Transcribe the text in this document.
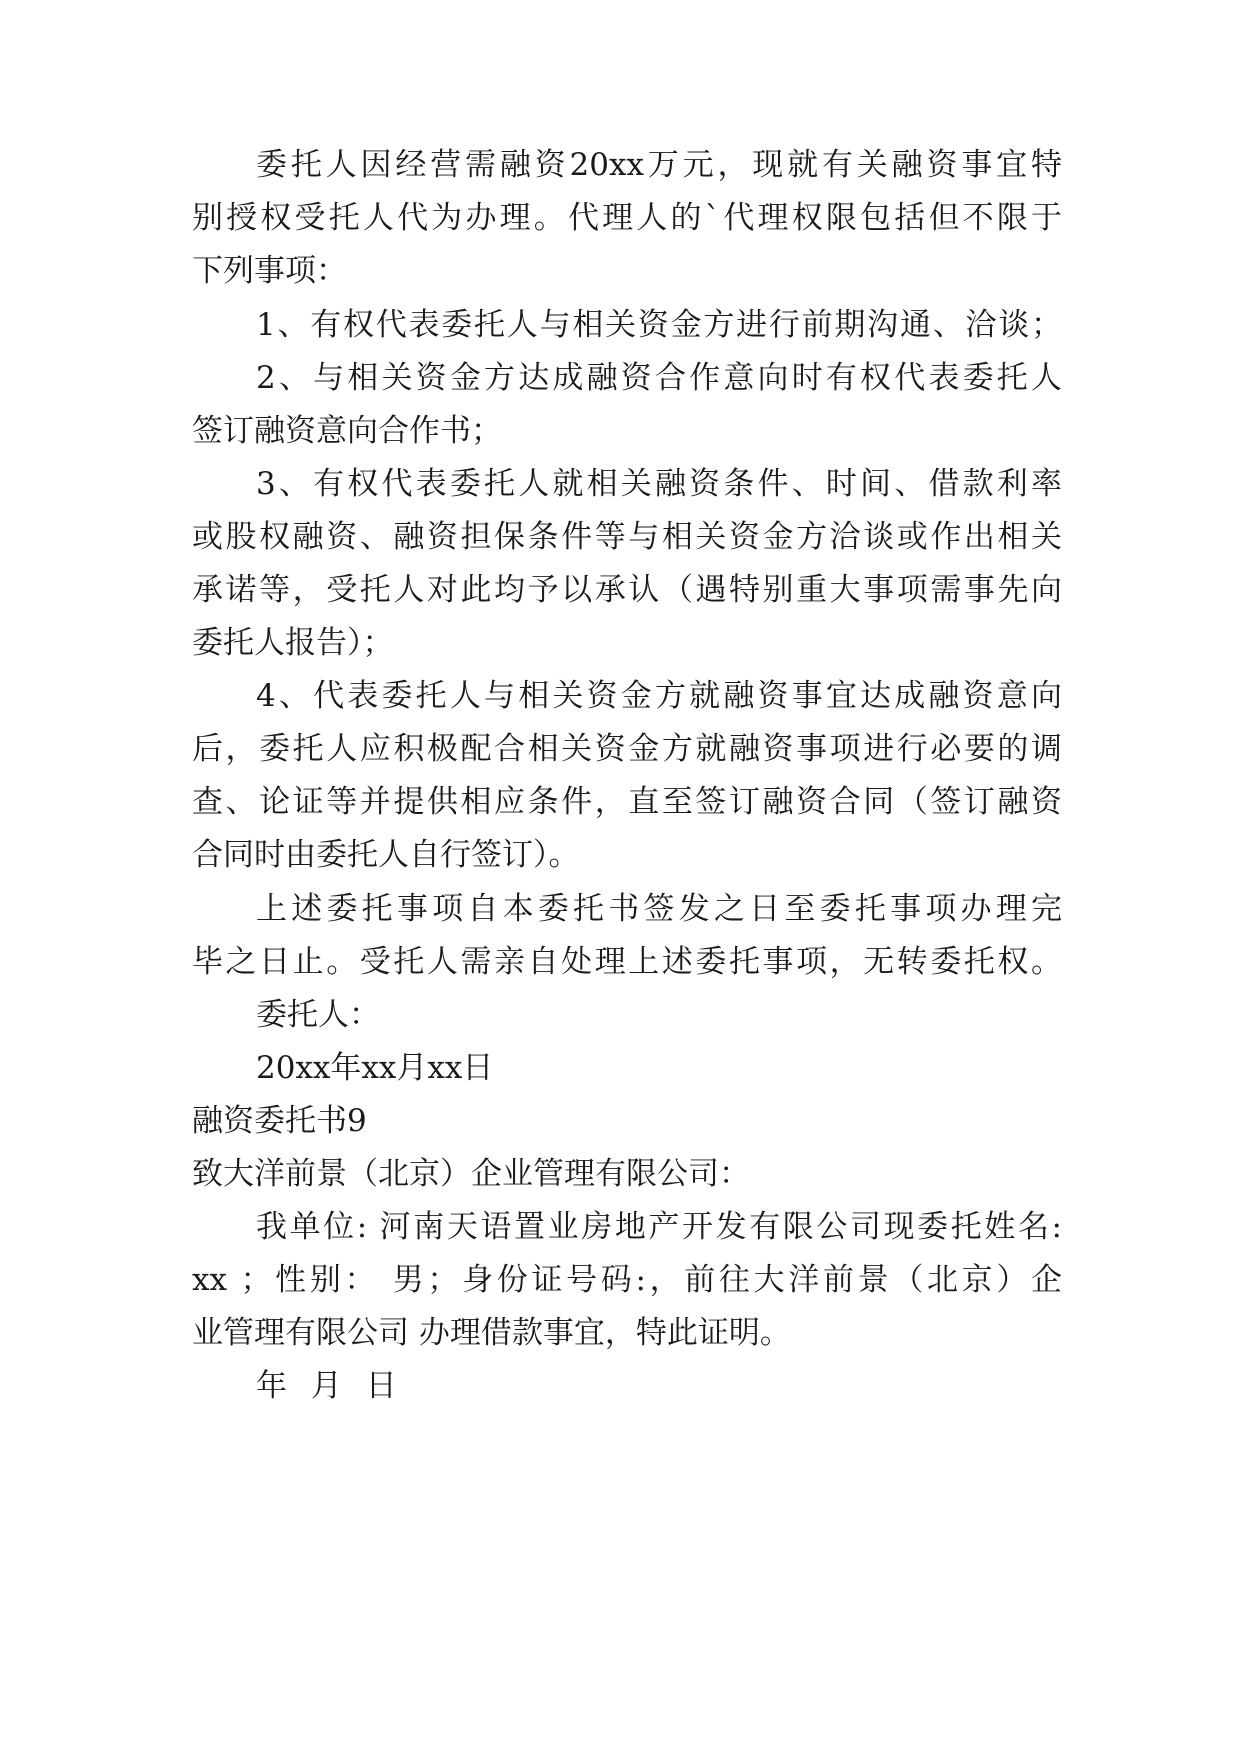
委托人因经营需融资20xx万元，现就有关融资事宜特
别授权受托人代为办理。代理人的`代理权限包括但不限于
下列事项：
1、有权代表委托人与相关资金方进行前期沟通、洽谈；
2、与相关资金方达成融资合作意向时有权代表委托人
签订融资意向合作书；
3、有权代表委托人就相关融资条件、时间、借款利率
或股权融资、融资担保条件等与相关资金方洽谈或作出相关
承诺等，受托人对此均予以承认（遇特别重大事项需事先向
委托人报告）；
4、代表委托人与相关资金方就融资事宜达成融资意向
后，委托人应积极配合相关资金方就融资事项进行必要的调
查、论证等并提供相应条件，直至签订融资合同（签订融资
合同时由委托人自行签订）。
上述委托事项自本委托书签发之日至委托事项办理完
毕之日止。受托人需亲自处理上述委托事项，无转委托权。
委托人：
20xx年xx月xx日
融资委托书9
致大洋前景（北京）企业管理有限公司：
我单位: 河南天语置业房地产开发有限公司现委托姓名:
xx ；性别： 男；身份证号码:，前往大洋前景（北京）企
业管理有限公司 办理借款事宜，特此证明。
年 月 日
